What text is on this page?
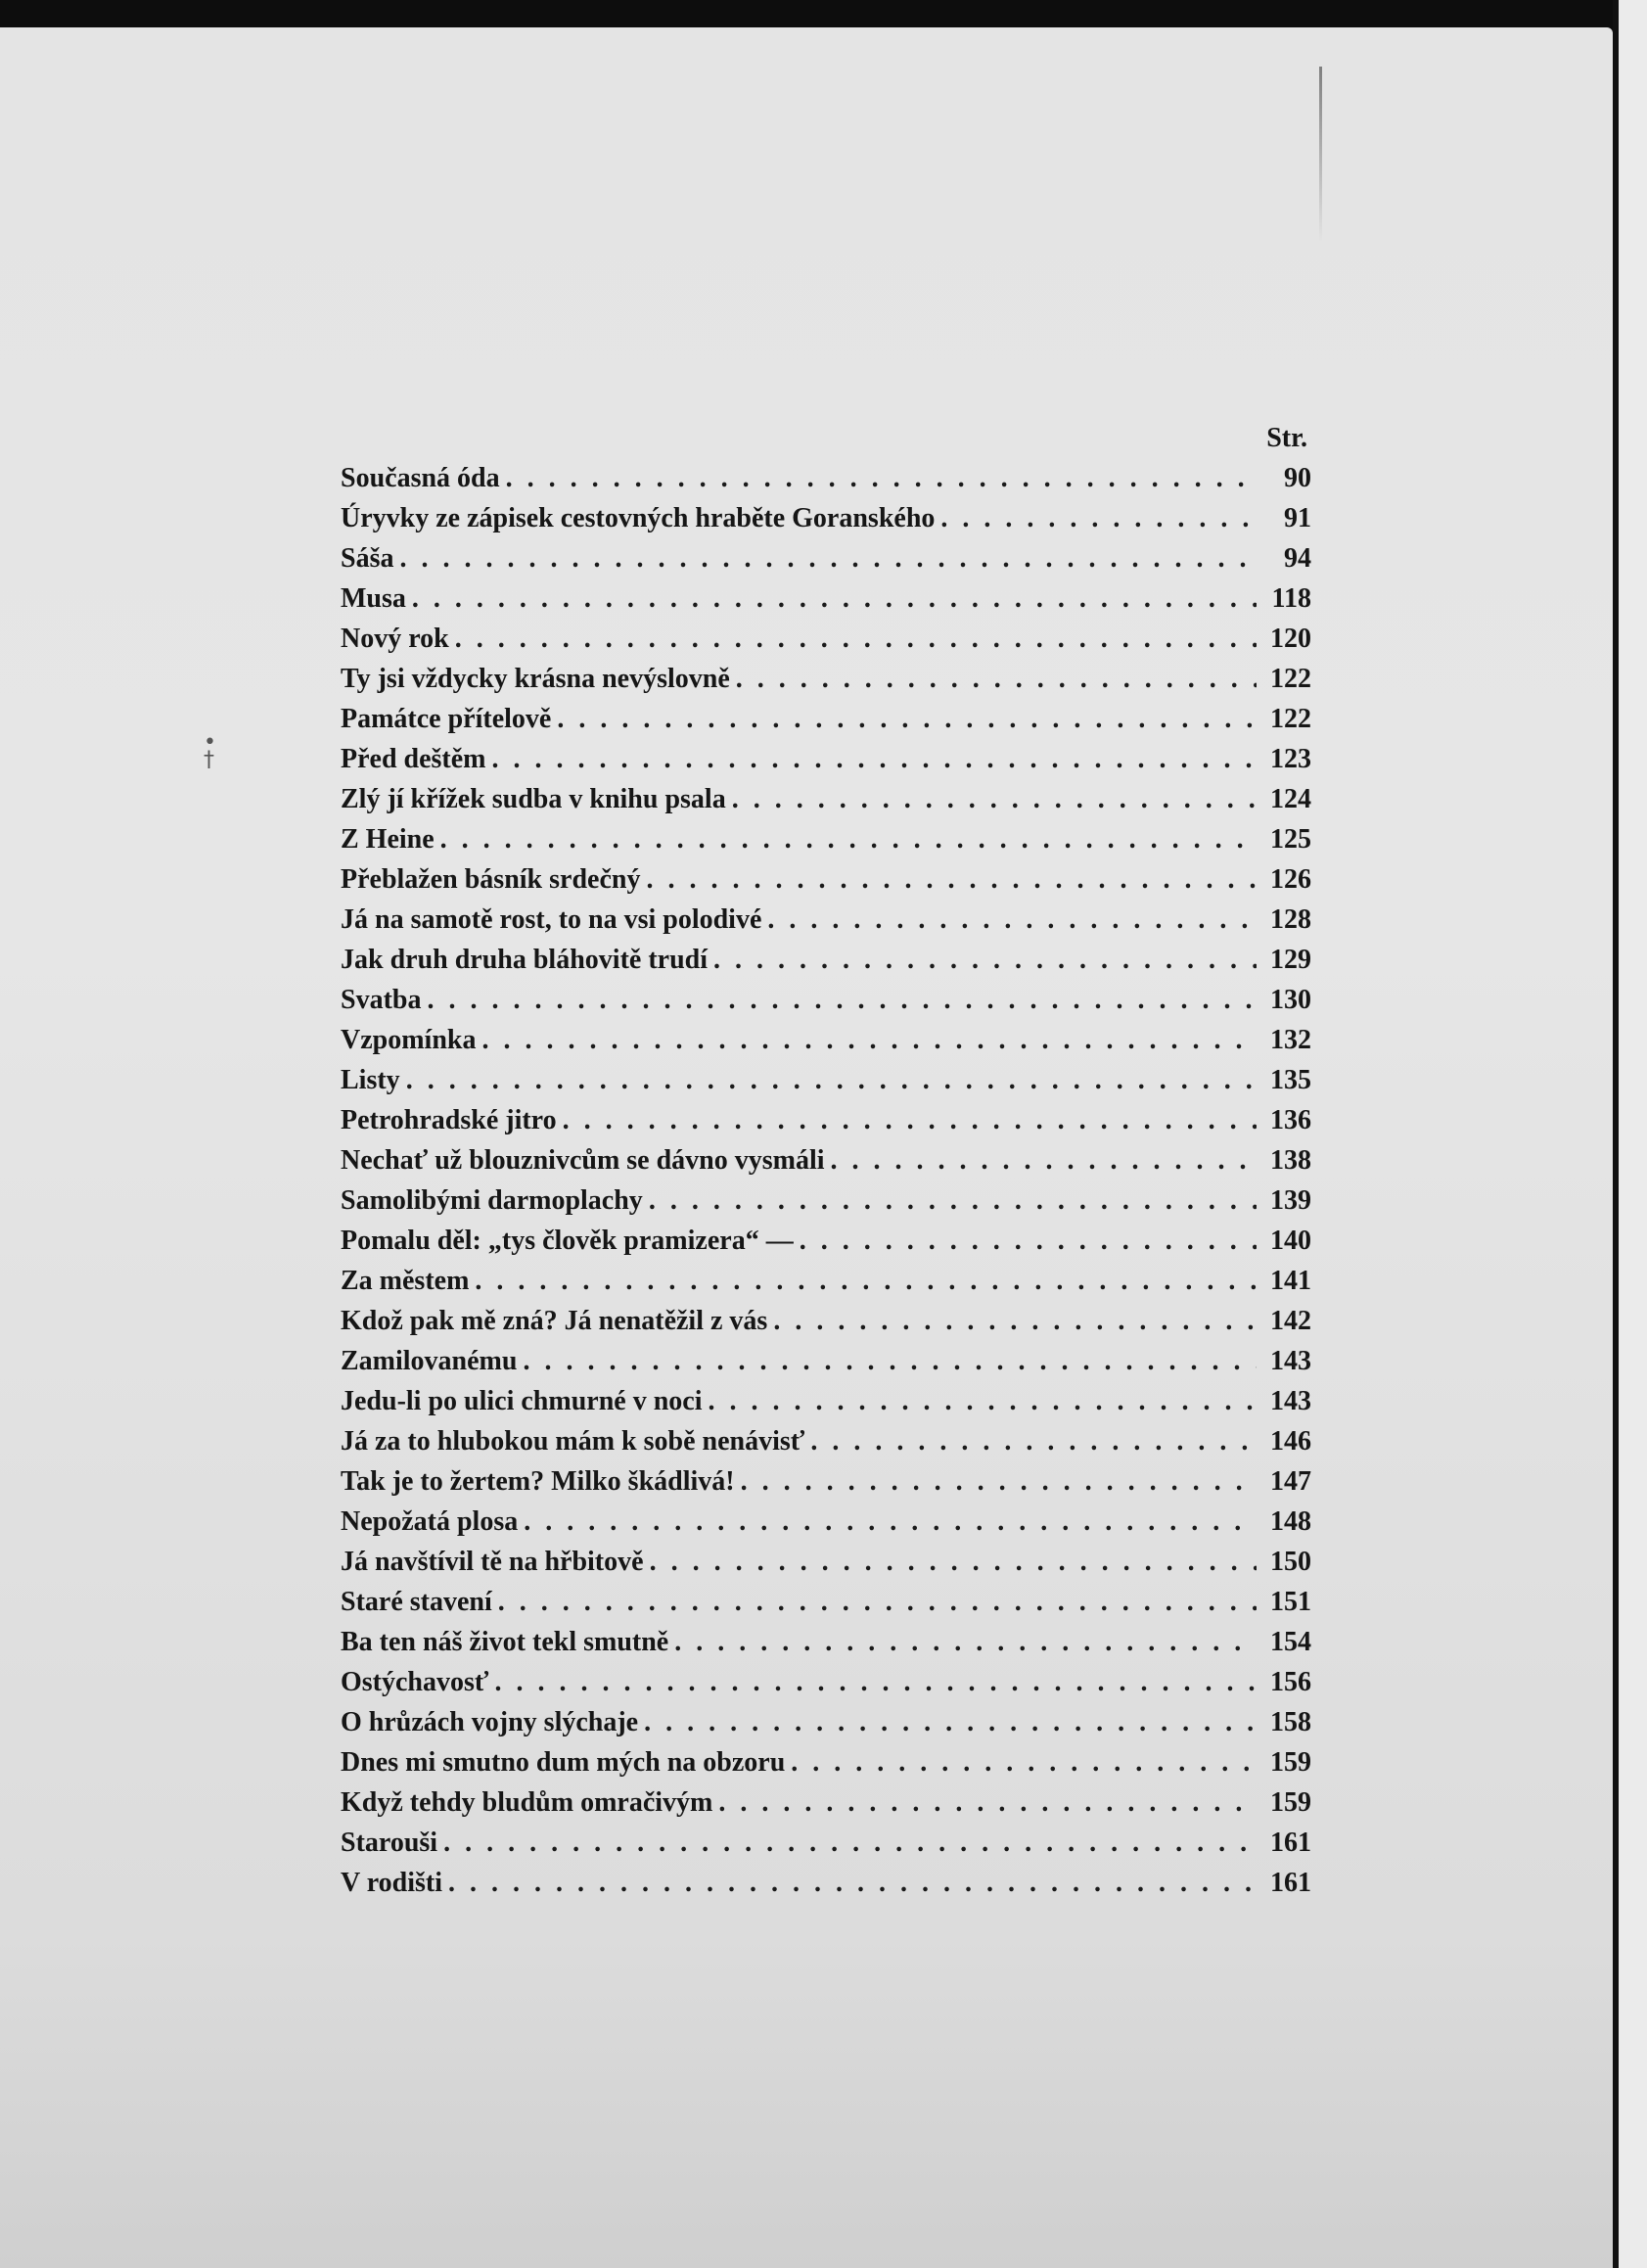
•
†
Str.
Současná óda . . .	90
Úryvky ze zápisek cestovných hraběte Goranského . . .	91
Sáša . . .	94
Musa . . .	118
Nový rok . . .	120
Ty jsi vždycky krásna nevýslovně . . .	122
Památce přítelově . . .	122
Před deštěm . . .	123
Zlý jí křížek sudba v knihu psala . . .	124
Z Heine . . .	125
Přeblažen básník srdečný . . .	126
Já na samotě rost, to na vsi polodivé . . .	128
Jak druh druha bláhovitě trudí . . .	129
Svatba . . .	130
Vzpomínka . . .	132
Listy . . .	135
Petrohradské jitro . . .	136
Nechať už blouznivcům se dávno vysmáli . . .	138
Samolibými darmoplachy . . .	139
Pomalu děl: „tys člověk pramizera“ — . . .	140
Za městem . . .	141
Kdož pak mě zná? Já nenatěžil z vás . . .	142
Zamilovanému . . .	143
Jedu-li po ulici chmurné v noci . . .	143
Já za to hlubokou mám k sobě nenávisť . . .	146
Tak je to žertem? Milko škádlivá! . . .	147
Nepožatá plosa . . .	148
Já navštívil tě na hřbitově . . .	150
Staré stavení . . .	151
Ba ten náš život tekl smutně . . .	154
Ostýchavosť . . .	156
O hrůzách vojny slýchaje . . .	158
Dnes mi smutno dum mých na obzoru . . .	159
Když tehdy bludům omračivým . . .	159
Starouši . . .	161
V rodišti . . .	161
